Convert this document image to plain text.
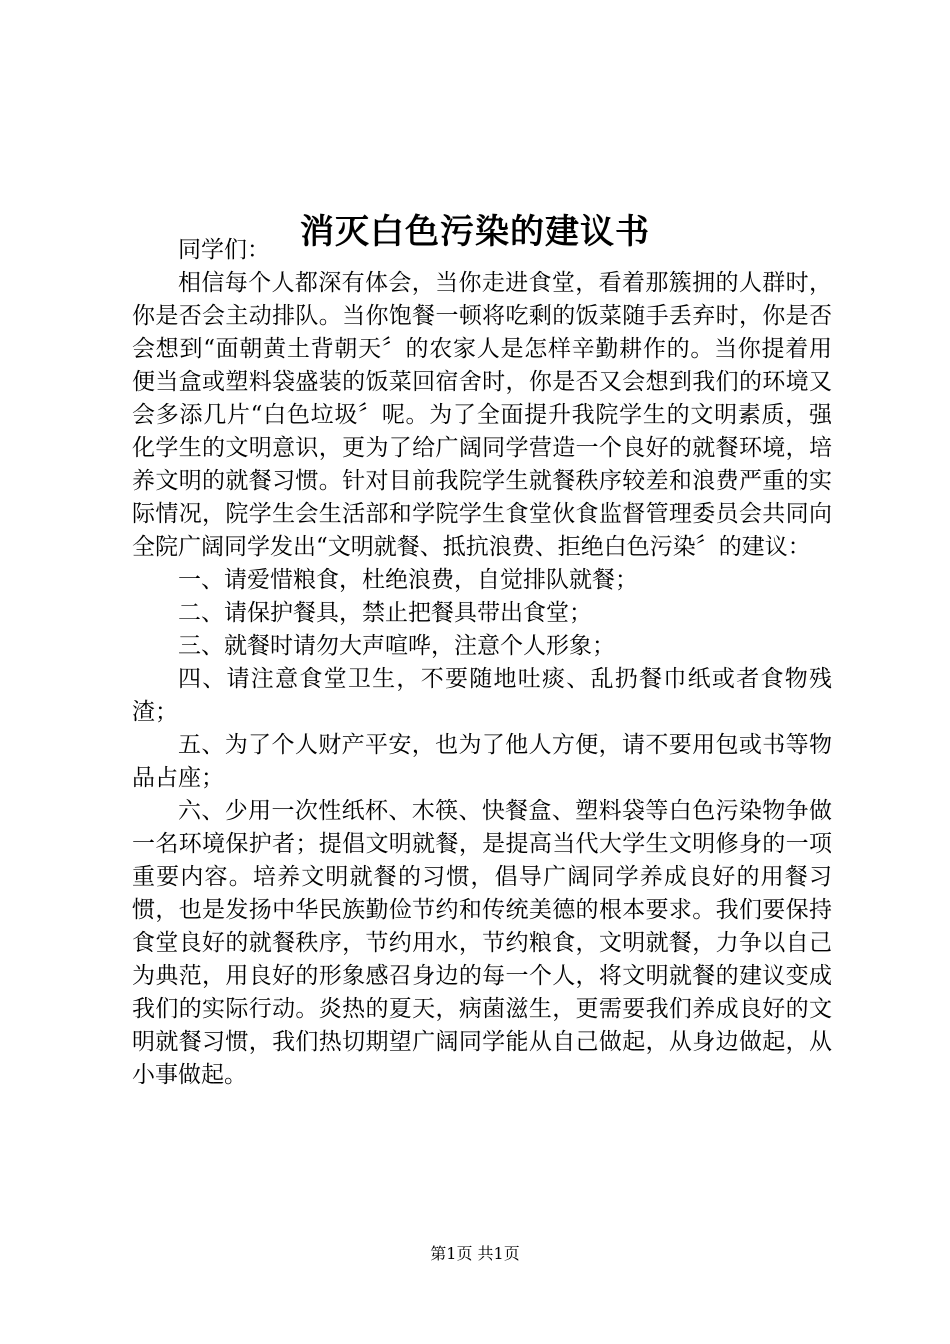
消灭白色污染的建议书

同学们：

相信每个人都深有体会，当你走进食堂，看着那簇拥的人群时，你是否会主动排队。当你饱餐一顿将吃剩的饭菜随手丢弃时，你是否会想到“面朝黄土背朝天〞的农家人是怎样辛勤耕作的。当你提着用便当盒或塑料袋盛装的饭菜回宿舍时，你是否又会想到我们的环境又会多添几片“白色垃圾〞呢。为了全面提升我院学生的文明素质，强化学生的文明意识，更为了给广阔同学营造一个良好的就餐环境，培养文明的就餐习惯。针对目前我院学生就餐秩序较差和浪费严重的实际情况，院学生会生活部和学院学生食堂伙食监督管理委员会共同向全院广阔同学发出“文明就餐、抵抗浪费、拒绝白色污染〞的建议：

一、请爱惜粮食，杜绝浪费，自觉排队就餐；

二、请保护餐具，禁止把餐具带出食堂；

三、就餐时请勿大声喧哗，注意个人形象；

四、请注意食堂卫生，不要随地吐痰、乱扔餐巾纸或者食物残渣；

五、为了个人财产平安，也为了他人方便，请不要用包或书等物品占座；

六、少用一次性纸杯、木筷、快餐盒、塑料袋等白色污染物争做一名环境保护者；提倡文明就餐，是提高当代大学生文明修身的一项重要内容。培养文明就餐的习惯，倡导广阔同学养成良好的用餐习惯，也是发扬中华民族勤俭节约和传统美德的根本要求。我们要保持食堂良好的就餐秩序，节约用水，节约粮食，文明就餐，力争以自己为典范，用良好的形象感召身边的每一个人，将文明就餐的建议变成我们的实际行动。炎热的夏天，病菌滋生，更需要我们养成良好的文明就餐习惯，我们热切期望广阔同学能从自己做起，从身边做起，从小事做起。

第1页 共1页
